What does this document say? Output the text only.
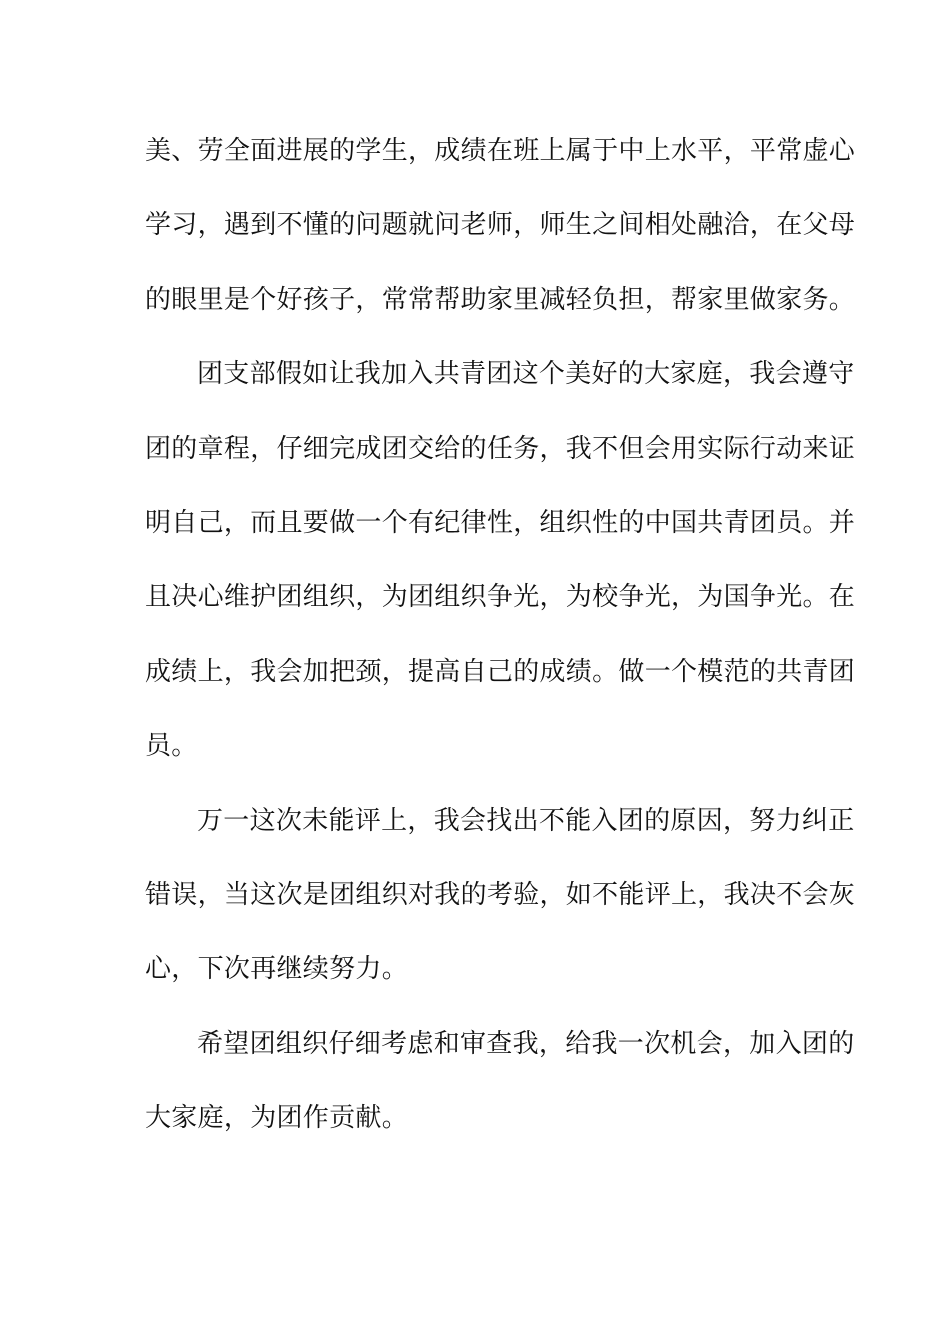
美、劳全面进展的学生，成绩在班上属于中上水平，平常虚心
学习，遇到不懂的问题就问老师，师生之间相处融洽，在父母
的眼里是个好孩子，常常帮助家里减轻负担，帮家里做家务。
团支部假如让我加入共青团这个美好的大家庭，我会遵守
团的章程，仔细完成团交给的任务，我不但会用实际行动来证
明自己，而且要做一个有纪律性，组织性的中国共青团员。并
且决心维护团组织，为团组织争光，为校争光，为国争光。在
成绩上，我会加把颈，提高自己的成绩。做一个模范的共青团
员。
万一这次未能评上，我会找出不能入团的原因，努力纠正
错误，当这次是团组织对我的考验，如不能评上，我决不会灰
心，下次再继续努力。
希望团组织仔细考虑和审查我，给我一次机会，加入团的
大家庭，为团作贡献。
